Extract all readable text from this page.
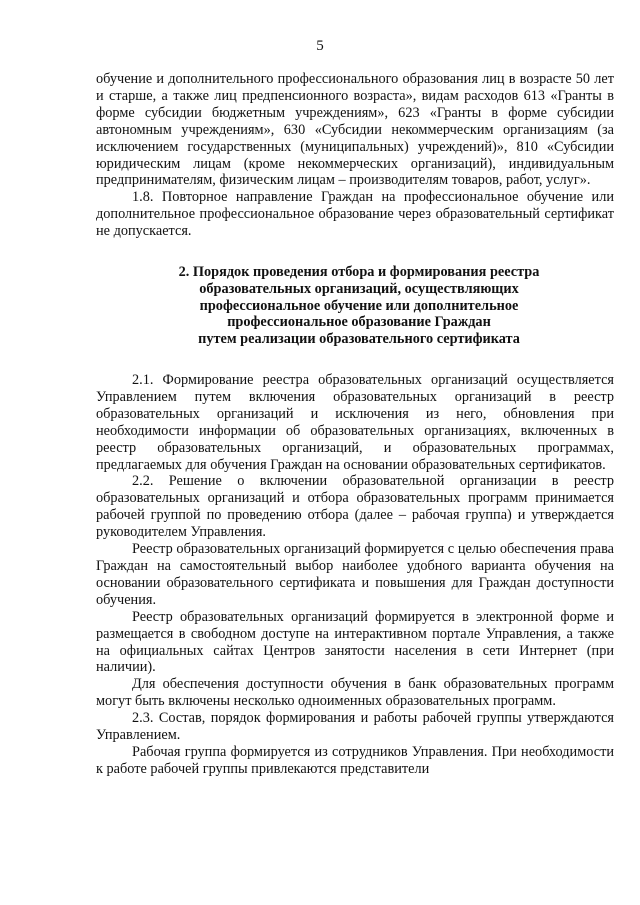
5

обучение и дополнительного профессионального образования лиц в возрасте 50 лет и старше, а также лиц предпенсионного возраста», видам расходов 613 «Гранты в форме субсидии бюджетным учреждениям», 623 «Гранты в форме субсидии автономным учреждениям», 630 «Субсидии некоммерческим организациям (за исключением государственных (муниципальных) учреждений)», 810 «Субсидии юридическим лицам (кроме некоммерческих организаций), индивидуальным предпринимателям, физическим лицам – производителям товаров, работ, услуг».

1.8. Повторное направление Граждан на профессиональное обучение или дополнительное профессиональное образование через образовательный сертификат не допускается.

2. Порядок проведения отбора и формирования реестра
образовательных организаций, осуществляющих
профессиональное обучение или дополнительное
профессиональное образование Граждан
путем реализации образовательного сертификата

2.1. Формирование реестра образовательных организаций осуществляется Управлением путем включения образовательных организаций в реестр образовательных организаций и исключения из него, обновления при необходимости информации об образовательных организациях, включенных в реестр образовательных организаций, и образовательных программах, предлагаемых для обучения Граждан на основании образовательных сертификатов.

2.2. Решение о включении образовательной организации в реестр образовательных организаций и отбора образовательных программ принимается рабочей группой по проведению отбора (далее – рабочая группа) и утверждается руководителем Управления.

Реестр образовательных организаций формируется с целью обеспечения права Граждан на самостоятельный выбор наиболее удобного варианта обучения на основании образовательного сертификата и повышения для Граждан доступности обучения.

Реестр образовательных организаций формируется в электронной форме и размещается в свободном доступе на интерактивном портале Управления, а также на официальных сайтах Центров занятости населения в сети Интернет (при наличии).

Для обеспечения доступности обучения в банк образовательных программ могут быть включены несколько одноименных образовательных программ.

2.3. Состав, порядок формирования и работы рабочей группы утверждаются Управлением.

Рабочая группа формируется из сотрудников Управления. При необходимости к работе рабочей группы привлекаются представители
